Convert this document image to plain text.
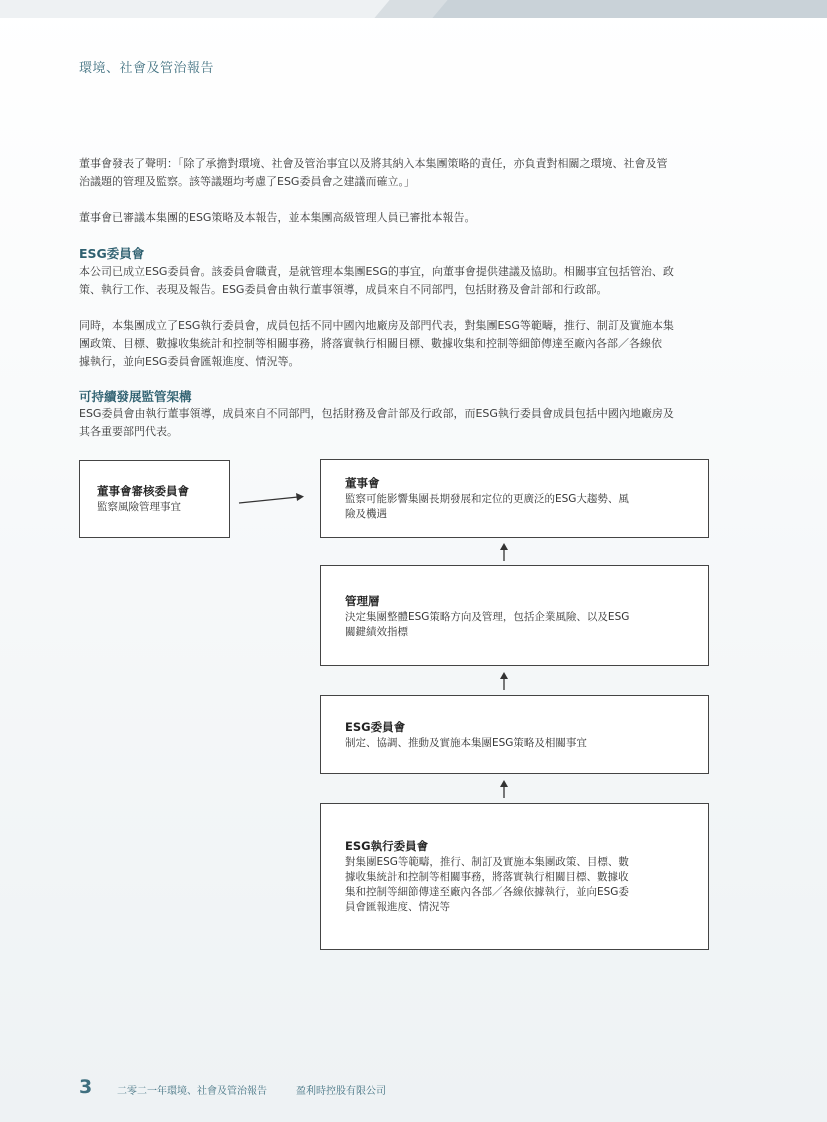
環境、社會及管治報告

董事會發表了聲明：「除了承擔對環境、社會及管治事宜以及將其納入本集團策略的責任，亦負責對相關之環境、社會及管
治議題的管理及監察。該等議題均考慮了ESG委員會之建議而確立。」

董事會已審議本集團的ESG策略及本報告，並本集團高級管理人員已審批本報告。

ESG委員會

本公司已成立ESG委員會。該委員會職責，是就管理本集團ESG的事宜，向董事會提供建議及協助。相關事宜包括管治、政
策、執行工作、表現及報告。ESG委員會由執行董事領導，成員來自不同部門，包括財務及會計部和行政部。

同時，本集團成立了ESG執行委員會，成員包括不同中國內地廠房及部門代表，對集團ESG等範疇，推行、制訂及實施本集
團政策、目標、數據收集統計和控制等相關事務，將落實執行相關目標、數據收集和控制等細節傳達至廠內各部／各線依
據執行，並向ESG委員會匯報進度、情況等。

可持續發展監管架構

ESG委員會由執行董事領導，成員來自不同部門，包括財務及會計部及行政部，而ESG執行委員會成員包括中國內地廠房及
其各重要部門代表。

董事會審核委員會
監察風險管理事宜
董事會
監察可能影響集團長期發展和定位的更廣泛的ESG大趨勢、風
險及機遇
管理層
決定集團整體ESG策略方向及管理，包括企業風險、以及ESG
關鍵績效指標
ESG委員會
制定、協調、推動及實施本集團ESG策略及相關事宜
ESG執行委員會
對集團ESG等範疇，推行、制訂及實施本集團政策、目標、數
據收集統計和控制等相關事務，將落實執行相關目標、數據收
集和控制等細節傳達至廠內各部／各線依據執行，並向ESG委
員會匯報進度、情況等
3 二零二一年環境、社會及管治報告	盈利時控股有限公司
